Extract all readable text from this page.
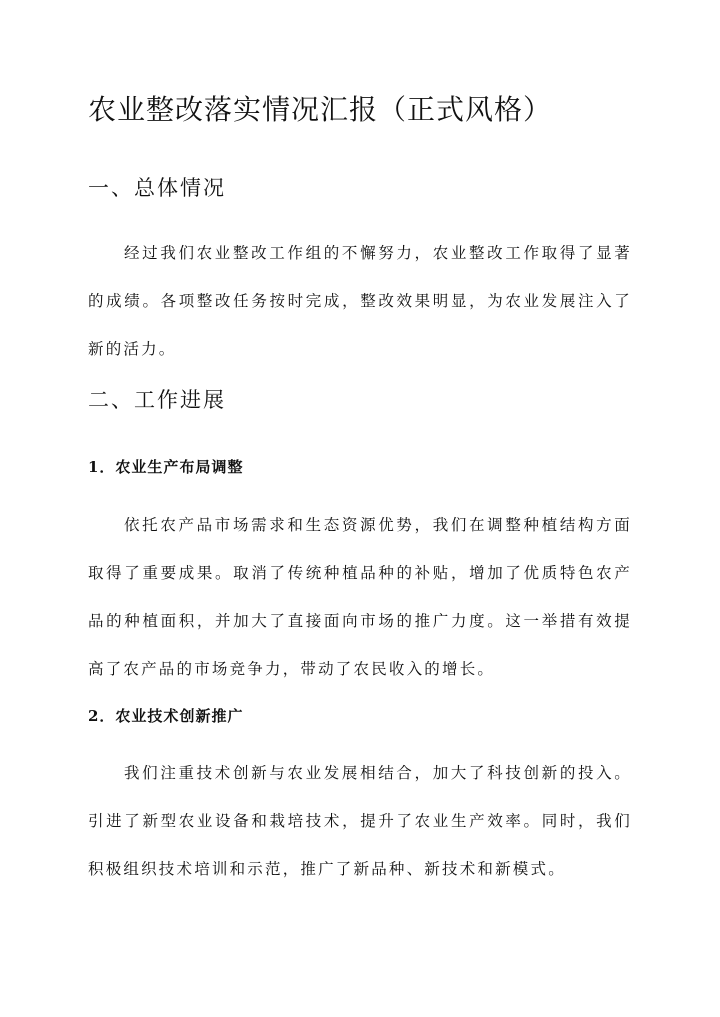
农业整改落实情况汇报（正式风格）
一、总体情况

经过我们农业整改工作组的不懈努力，农业整改工作取得了显著的成绩。各项整改任务按时完成，整改效果明显，为农业发展注入了新的活力。

二、工作进展
1．农业生产布局调整

依托农产品市场需求和生态资源优势，我们在调整种植结构方面取得了重要成果。取消了传统种植品种的补贴，增加了优质特色农产品的种植面积，并加大了直接面向市场的推广力度。这一举措有效提高了农产品的市场竞争力，带动了农民收入的增长。

2．农业技术创新推广

我们注重技术创新与农业发展相结合，加大了科技创新的投入。引进了新型农业设备和栽培技术，提升了农业生产效率。同时，我们积极组织技术培训和示范，推广了新品种、新技术和新模式。
